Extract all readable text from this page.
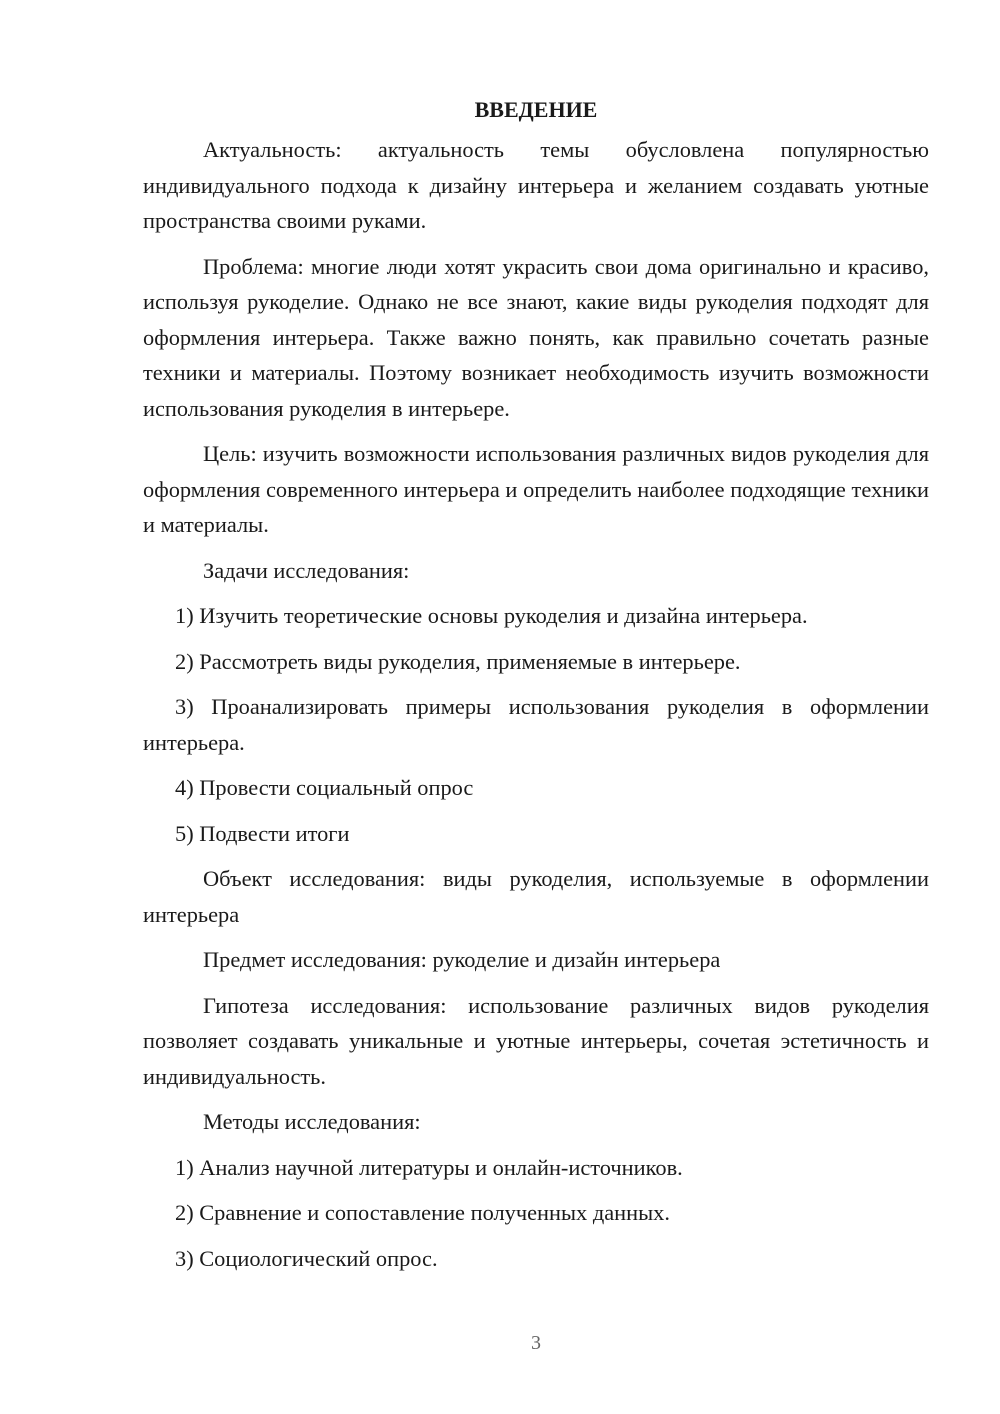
ВВЕДЕНИЕ

Актуальность: актуальность темы обусловлена популярностью индивидуального подхода к дизайну интерьера и желанием создавать уютные пространства своими руками.

Проблема: многие люди хотят украсить свои дома оригинально и красиво, используя рукоделие. Однако не все знают, какие виды рукоделия подходят для оформления интерьера. Также важно понять, как правильно сочетать разные техники и материалы. Поэтому возникает необходимость изучить возможности использования рукоделия в интерьере.

Цель: изучить возможности использования различных видов рукоделия для оформления современного интерьера и определить наиболее подходящие техники и материалы.

Задачи исследования:

1) Изучить теоретические основы рукоделия и дизайна интерьера.

2) Рассмотреть виды рукоделия, применяемые в интерьере.

3) Проанализировать примеры использования рукоделия в оформлении интерьера.

4) Провести социальный опрос

5) Подвести итоги

Объект исследования: виды рукоделия, используемые в оформлении интерьера

Предмет исследования: рукоделие и дизайн интерьера

Гипотеза исследования: использование различных видов рукоделия позволяет создавать уникальные и уютные интерьеры, сочетая эстетичность и индивидуальность.

Методы исследования:

1) Анализ научной литературы и онлайн-источников.

2) Сравнение и сопоставление полученных данных.

3) Социологический опрос.

3
